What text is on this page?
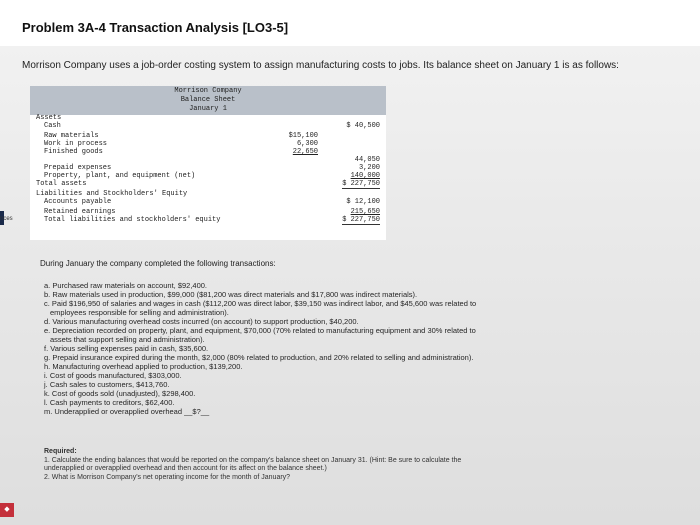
Problem 3A-4 Transaction Analysis [LO3-5]
Morrison Company uses a job-order costing system to assign manufacturing costs to jobs. Its balance sheet on January 1 is as follows:
Morrison Company
Balance Sheet
January 1
Assets
Cash	$ 40,500
Raw materials	$15,100
Work in process	6,300
Finished goods	22,650
44,050
Prepaid expenses	3,200
Property, plant, and equipment (net)	140,000
Total assets	$ 227,750
Liabilities and Stockholders' Equity
Accounts payable	$ 12,100
Retained earnings	215,650
Total liabilities and stockholders' equity	$ 227,750
nces
During January the company completed the following transactions:
a. Purchased raw materials on account, $92,400.
b. Raw materials used in production, $99,000 ($81,200 was direct materials and $17,800 was indirect materials).
c. Paid $196,950 of salaries and wages in cash ($112,200 was direct labor, $39,150 was indirect labor, and $45,600 was related to
employees responsible for selling and administration).
d. Various manufacturing overhead costs incurred (on account) to support production, $40,200.
e. Depreciation recorded on property, plant, and equipment, $70,000 (70% related to manufacturing equipment and 30% related to
assets that support selling and administration).
f. Various selling expenses paid in cash, $35,600.
g. Prepaid insurance expired during the month, $2,000 (80% related to production, and 20% related to selling and administration).
h. Manufacturing overhead applied to production, $139,200.
i. Cost of goods manufactured, $303,000.
j. Cash sales to customers, $413,760.
k. Cost of goods sold (unadjusted), $298,400.
l. Cash payments to creditors, $62,400.
m. Underapplied or overapplied overhead __$?__
Required:
1. Calculate the ending balances that would be reported on the company's balance sheet on January 31. (Hint: Be sure to calculate the
underapplied or overapplied overhead and then account for its affect on the balance sheet.)
2. What is Morrison Company's net operating income for the month of January?
◆
